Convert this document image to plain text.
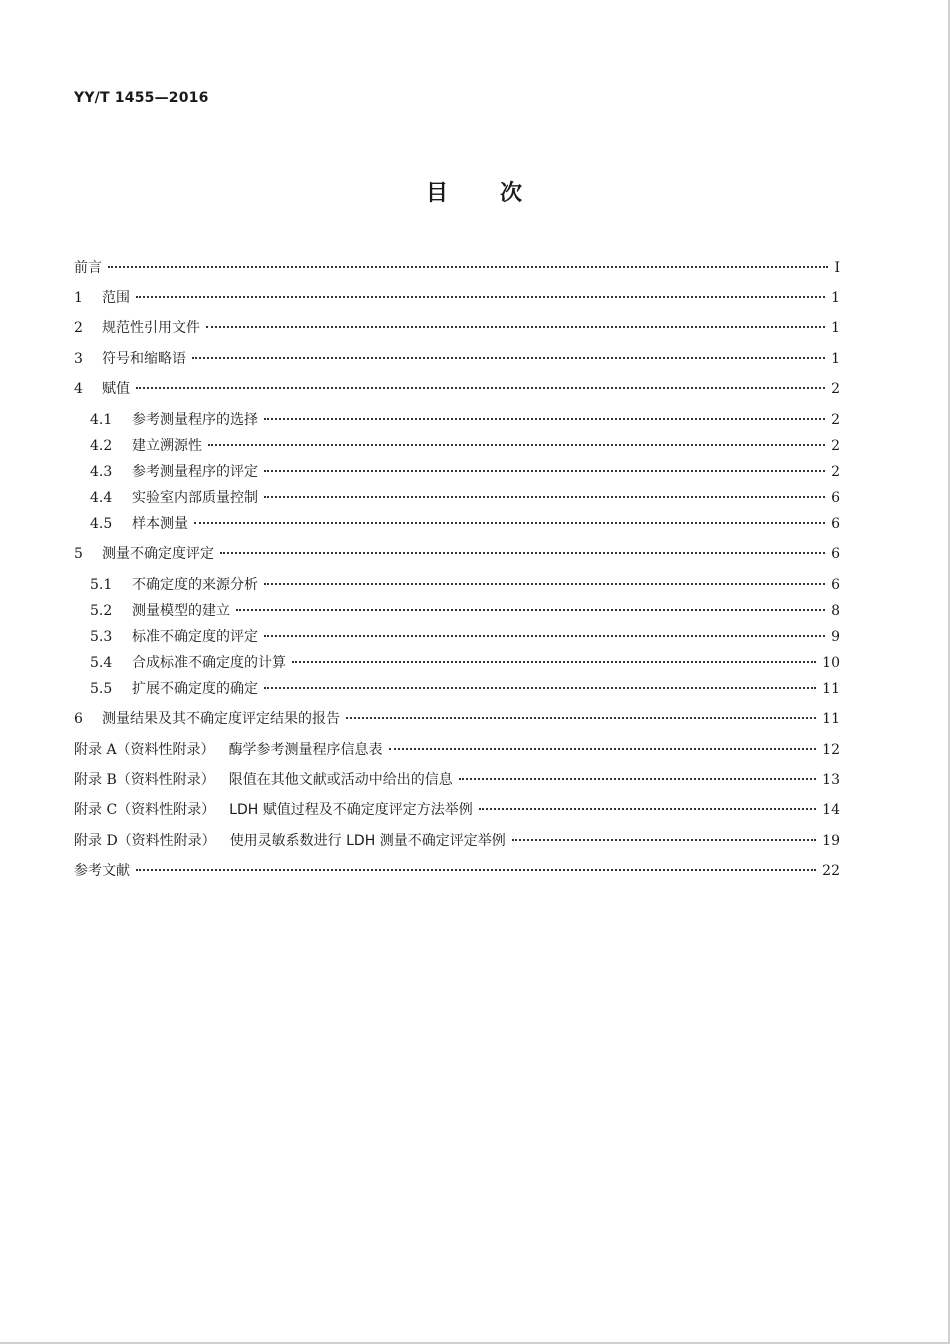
YY/T 1455—2016
目次
前言	I
1	范围	1
2	规范性引用文件	1
3	符号和缩略语	1
4	赋值	2
4.1	参考测量程序的选择	2
4.2	建立溯源性	2
4.3	参考测量程序的评定	2
4.4	实验室内部质量控制	6
4.5	样本测量	6
5	测量不确定度评定	6
5.1	不确定度的来源分析	6
5.2	测量模型的建立	8
5.3	标准不确定度的评定	9
5.4	合成标准不确定度的计算	10
5.5	扩展不确定度的确定	11
6	测量结果及其不确定度评定结果的报告	11
附录 A（资料性附录） 酶学参考测量程序信息表	12
附录 B（资料性附录） 限值在其他文献或活动中给出的信息	13
附录 C（资料性附录） LDH 赋值过程及不确定度评定方法举例	14
附录 D（资料性附录） 使用灵敏系数进行 LDH 测量不确定评定举例	19
参考文献	22
